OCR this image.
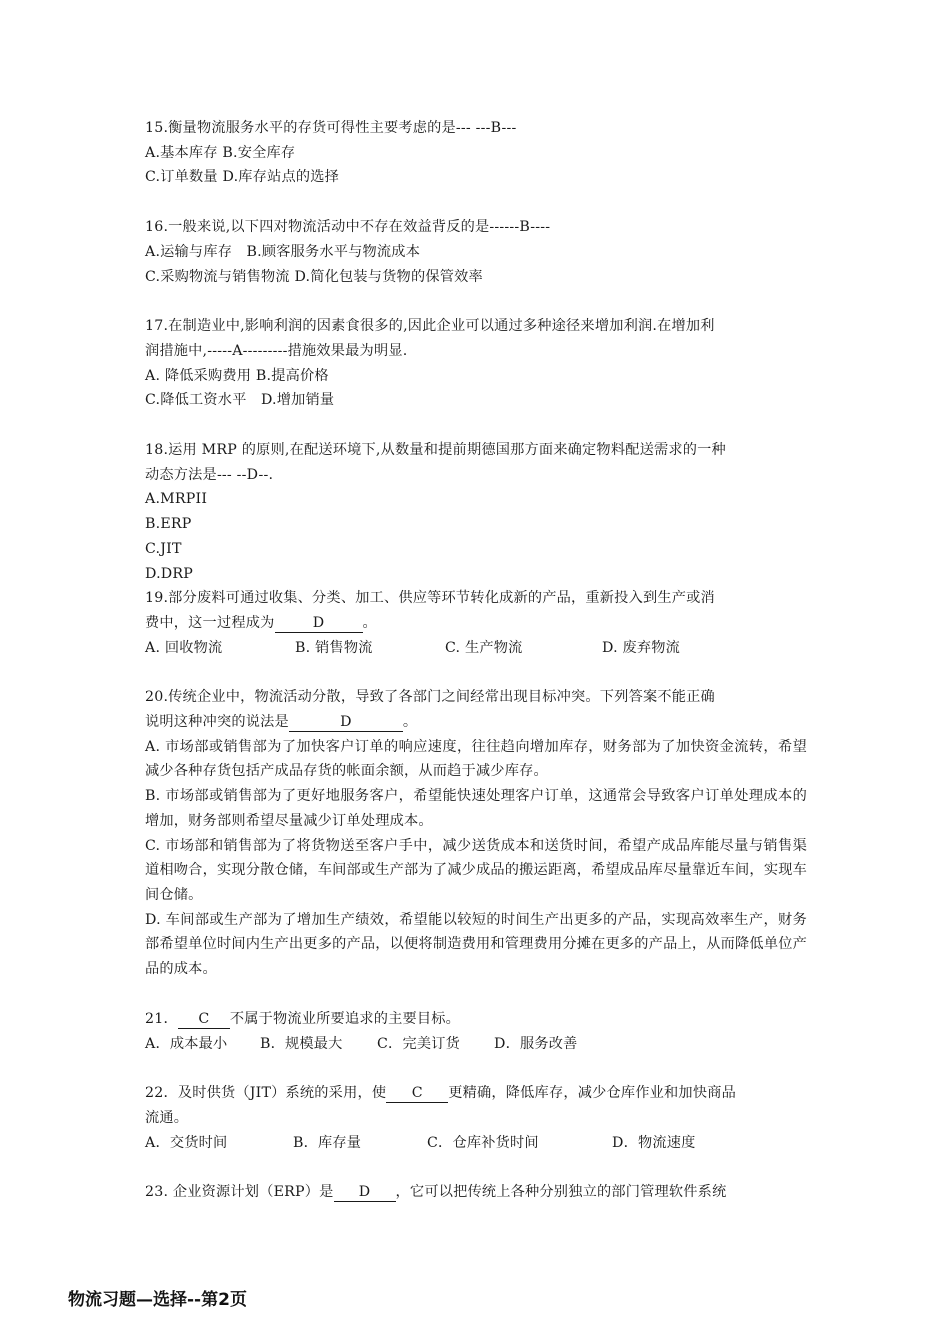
15.衡量物流服务水平的存货可得性主要考虑的是--- ---B---
A.基本库存 B.安全库存
C.订单数量 D.库存站点的选择
16.一般来说,以下四对物流活动中不存在效益背反的是------B----
A.运输与库存　B.顾客服务水平与物流成本
C.采购物流与销售物流 D.简化包装与货物的保管效率
17.在制造业中,影响利润的因素食很多的,因此企业可以通过多种途径来增加利润.在增加利
润措施中,-----A---------措施效果最为明显.
A. 降低采购费用 B.提高价格
C.降低工资水平　D.增加销量
18.运用 MRP 的原则,在配送环境下,从数量和提前期德国那方面来确定物料配送需求的一种
动态方法是--- --D--.
A.MRPII
B.ERP
C.JIT
D.DRP
19.部分废料可通过收集、分类、加工、供应等环节转化成新的产品，重新投入到生产或消
费中，这一过程成为	D	。
A. 回收物流	B. 销售物流	C. 生产物流	D. 废弃物流
20.传统企业中，物流活动分散，导致了各部门之间经常出现目标冲突。下列答案不能正确
说明这种冲突的说法是	D	。
A. 市场部或销售部为了加快客户订单的响应速度，往往趋向增加库存，财务部为了加快资金流转，希望减少各种存货包括产成品存货的帐面余额，从而趋于减少库存。
B. 市场部或销售部为了更好地服务客户，希望能快速处理客户订单，这通常会导致客户订单处理成本的增加，财务部则希望尽量减少订单处理成本。
C. 市场部和销售部为了将货物送至客户手中，减少送货成本和送货时间，希望产成品库能尽量与销售渠道相吻合，实现分散仓储，车间部或生产部为了减少成品的搬运距离，希望成品库尽量靠近车间，实现车间仓储。
D. 车间部或生产部为了增加生产绩效，希望能以较短的时间生产出更多的产品，实现高效率生产，财务部希望单位时间内生产出更多的产品，以便将制造费用和管理费用分摊在更多的产品上，从而降低单位产品的成本。
21． C 不属于物流业所要追求的主要目标。
A．成本最小 B．规模最大 C．完美订货 D．服务改善
22．及时供货（JIT）系统的采用，使 C 更精确，降低库存，减少仓库作业和加快商品
流通。
A．交货时间	B．库存量	C．仓库补货时间	D．物流速度
23. 企业资源计划（ERP）是 D ，它可以把传统上各种分别独立的部门管理软件系统
物流习题—选择--第2页
